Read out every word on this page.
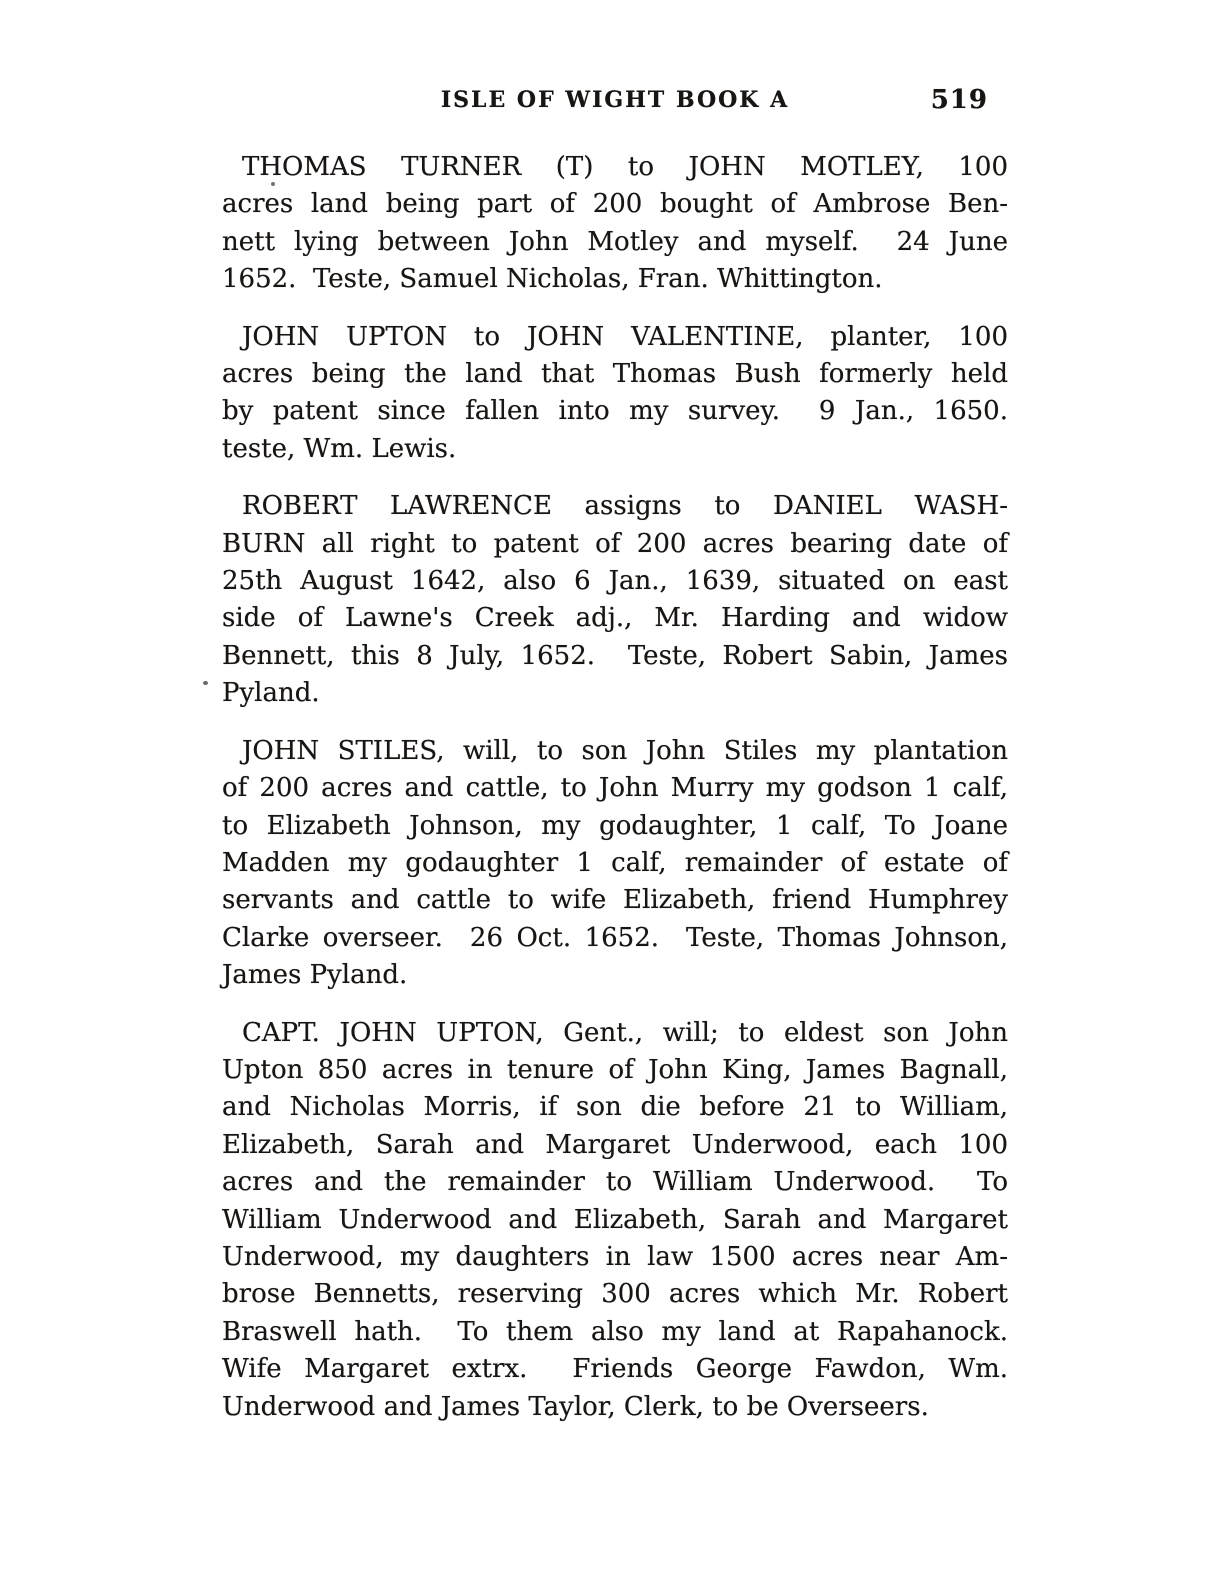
ISLE OF WIGHT BOOK A	519
THOMAS TURNER (T) to JOHN MOTLEY, 100
acres land being part of 200 bought of Ambrose Ben-
nett lying between John Motley and myself.  24 June
1652.  Teste, Samuel Nicholas, Fran. Whittington.
JOHN UPTON to JOHN VALENTINE, planter, 100
acres being the land that Thomas Bush formerly held
by patent since fallen into my survey.  9 Jan., 1650.
teste, Wm. Lewis.
ROBERT LAWRENCE assigns to DANIEL WASH-
BURN all right to patent of 200 acres bearing date of
25th August 1642, also 6 Jan., 1639, situated on east
side of Lawne's Creek adj., Mr. Harding and widow
Bennett, this 8 July, 1652.  Teste, Robert Sabin, James
Pyland.
JOHN STILES, will, to son John Stiles my plantation
of 200 acres and cattle, to John Murry my godson 1 calf,
to Elizabeth Johnson, my godaughter, 1 calf, To Joane
Madden my godaughter 1 calf, remainder of estate of
servants and cattle to wife Elizabeth, friend Humphrey
Clarke overseer.  26 Oct. 1652.  Teste, Thomas Johnson,
James Pyland.
CAPT. JOHN UPTON, Gent., will; to eldest son John
Upton 850 acres in tenure of John King, James Bagnall,
and Nicholas Morris, if son die before 21 to William,
Elizabeth, Sarah and Margaret Underwood, each 100
acres and the remainder to William Underwood.  To
William Underwood and Elizabeth, Sarah and Margaret
Underwood, my daughters in law 1500 acres near Am-
brose Bennetts, reserving 300 acres which Mr. Robert
Braswell hath.  To them also my land at Rapahanock.
Wife Margaret extrx.  Friends George Fawdon, Wm.
Underwood and James Taylor, Clerk, to be Overseers.
